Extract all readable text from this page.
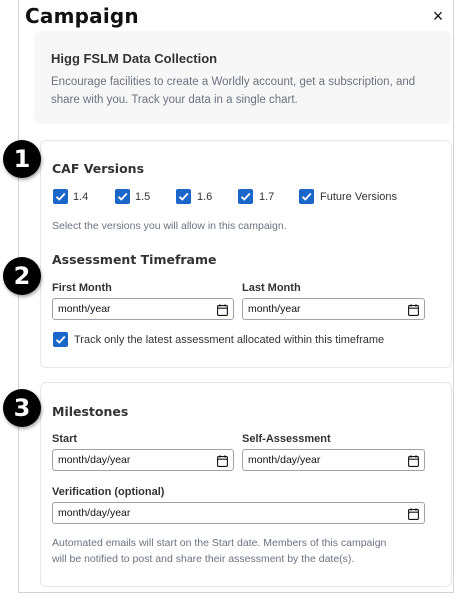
Campaign	×
Higg FSLM Data Collection
Encourage facilities to create a Worldly account, get a subscription, and share with you. Track your data in a single chart.
CAF Versions
1.4	1.5	1.6	1.7	Future Versions
Select the versions you will allow in this campaign.
Assessment Timeframe
First Month
month/year
Last Month
month/year
Track only the latest assessment allocated within this timeframe
Milestones
Start
month/day/year
Self-Assessment
month/day/year
Verification (optional)
month/day/year
Automated emails will start on the Start date. Members of this campaign
will be notified to post and share their assessment by the date(s).
1
2
3
